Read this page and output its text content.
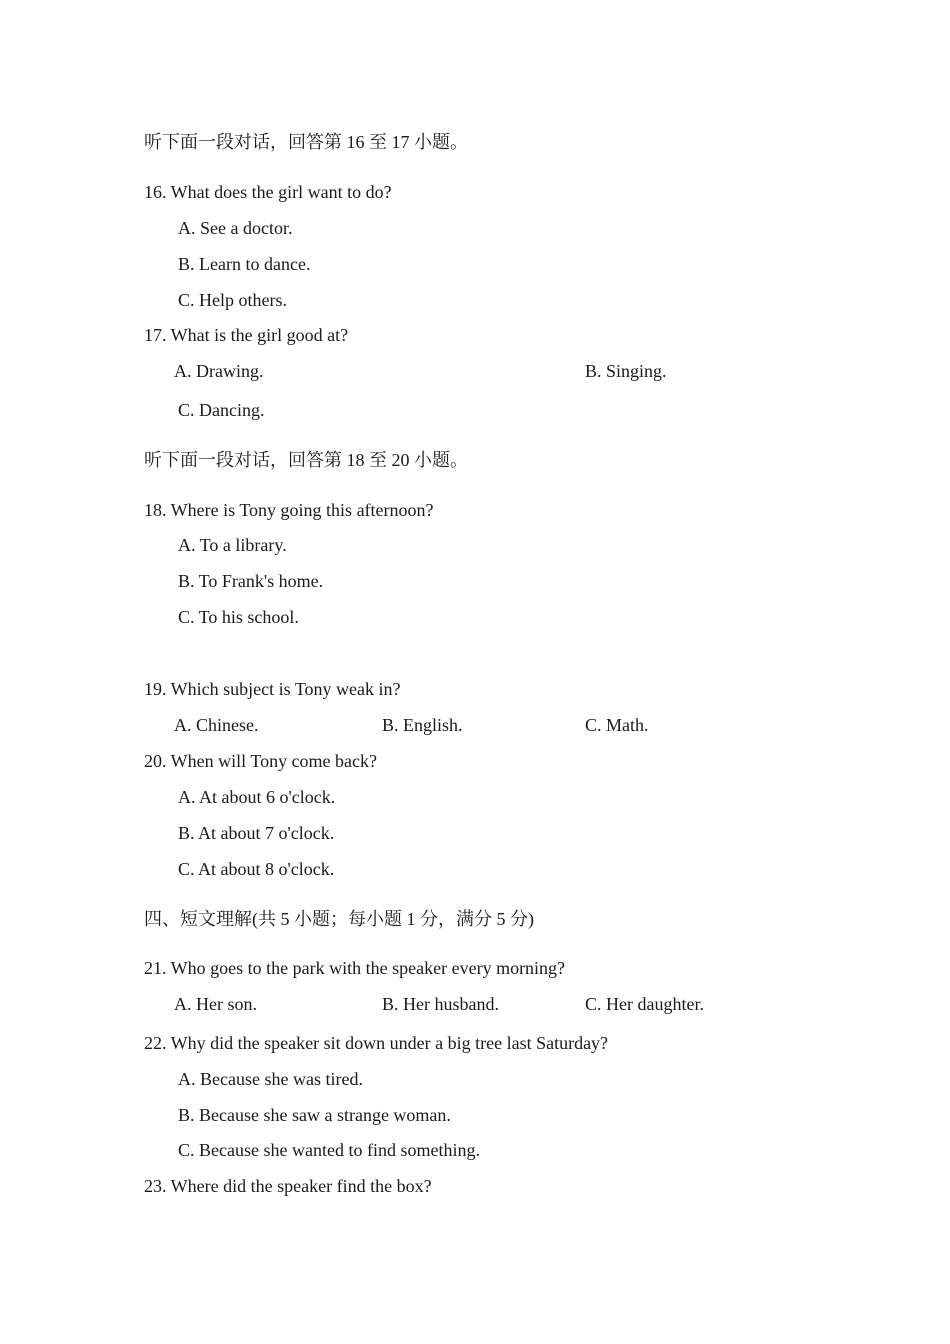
听下面一段对话，回答第 16 至 17 小题。
16. What does the girl want to do?
A. See a doctor.
B. Learn to dance.
C. Help others.
17. What is the girl good at?
A. Drawing.	B. Singing.
C. Dancing.
听下面一段对话，回答第 18 至 20 小题。
18. Where is Tony going this afternoon?
A. To a library.
B. To Frank's home.
C. To his school.
19. Which subject is Tony weak in?
A. Chinese.	B. English.	C. Math.
20. When will Tony come back?
A. At about 6 o'clock.
B. At about 7 o'clock.
C. At about 8 o'clock.
四、短文理解(共 5 小题；每小题 1 分，满分 5 分)
21. Who goes to the park with the speaker every morning?
A. Her son.	B. Her husband.	C. Her daughter.
22. Why did the speaker sit down under a big tree last Saturday?
A. Because she was tired.
B. Because she saw a strange woman.
C. Because she wanted to find something.
23. Where did the speaker find the box?
